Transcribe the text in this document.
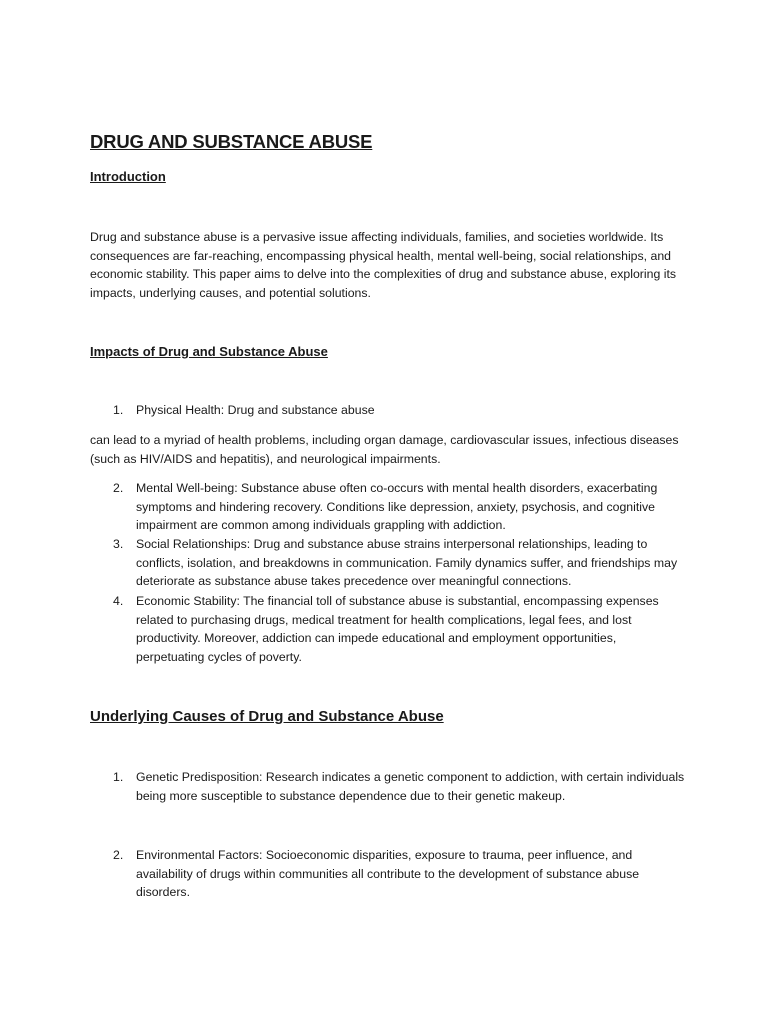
DRUG AND SUBSTANCE ABUSE
Introduction

Drug and substance abuse is a pervasive issue affecting individuals, families, and societies worldwide. Its consequences are far-reaching, encompassing physical health, mental well-being, social relationships, and economic stability. This paper aims to delve into the complexities of drug and substance abuse, exploring its impacts, underlying causes, and potential solutions.

Impacts of Drug and Substance Abuse
1. Physical Health: Drug and substance abuse

can lead to a myriad of health problems, including organ damage, cardiovascular issues, infectious diseases (such as HIV/AIDS and hepatitis), and neurological impairments.

2. Mental Well-being: Substance abuse often co-occurs with mental health disorders, exacerbating symptoms and hindering recovery. Conditions like depression, anxiety, psychosis, and cognitive impairment are common among individuals grappling with addiction.
3. Social Relationships: Drug and substance abuse strains interpersonal relationships, leading to conflicts, isolation, and breakdowns in communication. Family dynamics suffer, and friendships may deteriorate as substance abuse takes precedence over meaningful connections.
4. Economic Stability: The financial toll of substance abuse is substantial, encompassing expenses related to purchasing drugs, medical treatment for health complications, legal fees, and lost productivity. Moreover, addiction can impede educational and employment opportunities, perpetuating cycles of poverty.
Underlying Causes of Drug and Substance Abuse
1. Genetic Predisposition: Research indicates a genetic component to addiction, with certain individuals being more susceptible to substance dependence due to their genetic makeup.
2. Environmental Factors: Socioeconomic disparities, exposure to trauma, peer influence, and availability of drugs within communities all contribute to the development of substance abuse disorders.
